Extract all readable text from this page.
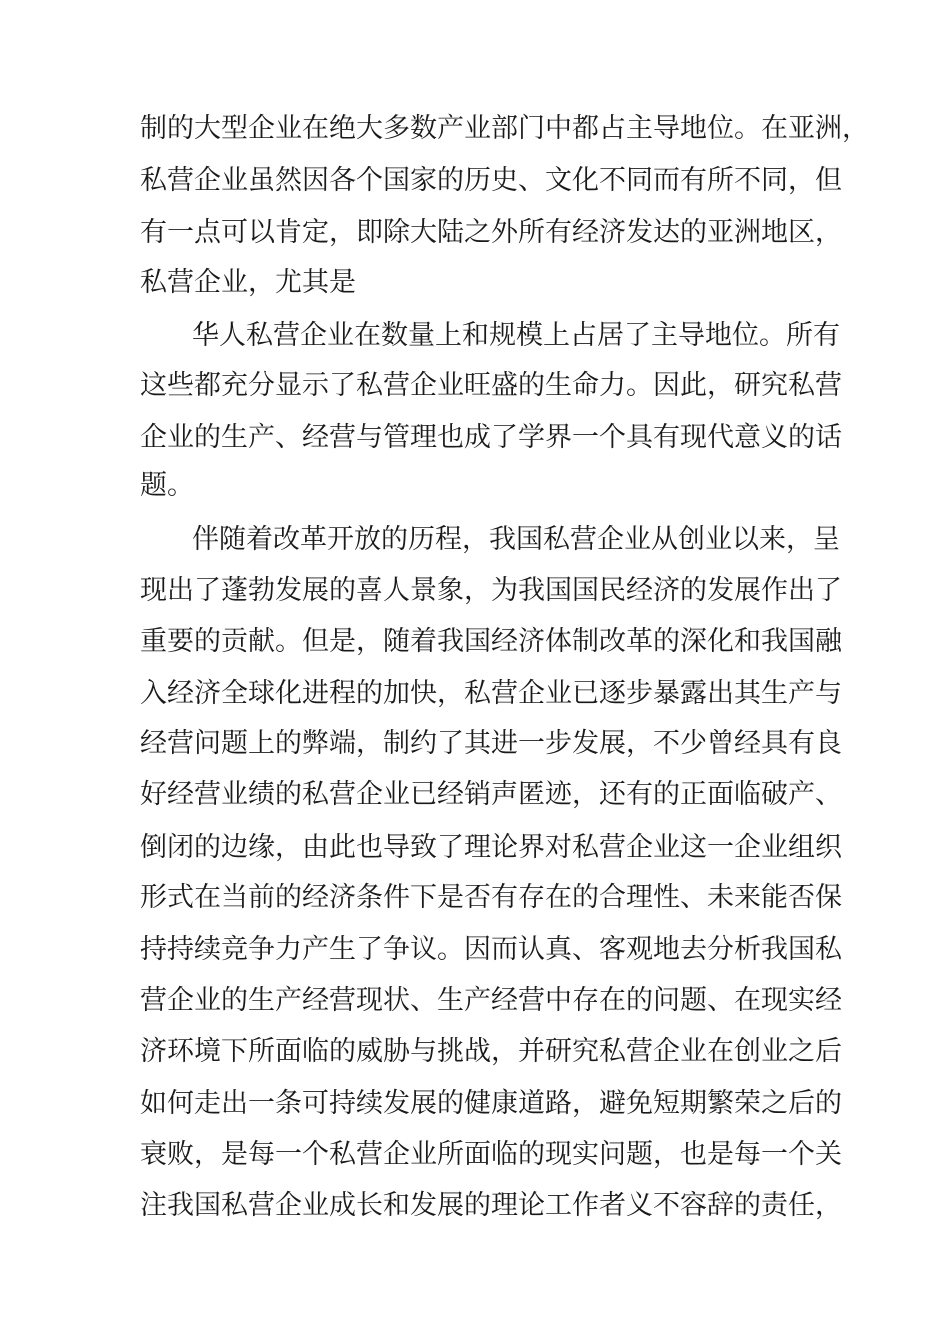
制的大型企业在绝大多数产业部门中都占主导地位。在亚洲，

私营企业虽然因各个国家的历史、文化不同而有所不同，但

有一点可以肯定，即除大陆之外所有经济发达的亚洲地区，

私营企业，尤其是

华人私营企业在数量上和规模上占居了主导地位。所有

这些都充分显示了私营企业旺盛的生命力。因此，研究私营

企业的生产、经营与管理也成了学界一个具有现代意义的话

题。

伴随着改革开放的历程，我国私营企业从创业以来，呈

现出了蓬勃发展的喜人景象，为我国国民经济的发展作出了

重要的贡献。但是，随着我国经济体制改革的深化和我国融

入经济全球化进程的加快，私营企业已逐步暴露出其生产与

经营问题上的弊端，制约了其进一步发展，不少曾经具有良

好经营业绩的私营企业已经销声匿迹，还有的正面临破产、

倒闭的边缘，由此也导致了理论界对私营企业这一企业组织

形式在当前的经济条件下是否有存在的合理性、未来能否保

持持续竞争力产生了争议。因而认真、客观地去分析我国私

营企业的生产经营现状、生产经营中存在的问题、在现实经

济环境下所面临的威胁与挑战，并研究私营企业在创业之后

如何走出一条可持续发展的健康道路，避免短期繁荣之后的

衰败，是每一个私营企业所面临的现实问题，也是每一个关

注我国私营企业成长和发展的理论工作者义不容辞的责任，
